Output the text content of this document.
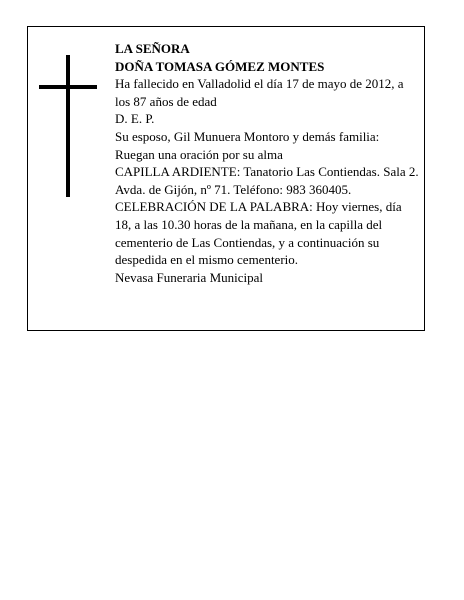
LA SEÑORA

DOÑA TOMASA GÓMEZ MONTES

Ha fallecido en Valladolid el día 17 de mayo de 2012, a los 87 años de edad

D. E. P.

Su esposo, Gil Munuera Montoro y demás familia: Ruegan una oración por su alma

CAPILLA ARDIENTE: Tanatorio Las Contiendas. Sala 2. Avda. de Gijón, nº 71. Teléfono: 983 360405.

CELEBRACIÓN DE LA PALABRA: Hoy viernes, día 18, a las 10.30 horas de la mañana, en la capilla del cementerio de Las Contiendas, y a continuación su despedida en el mismo cementerio.

Nevasa Funeraria Municipal
